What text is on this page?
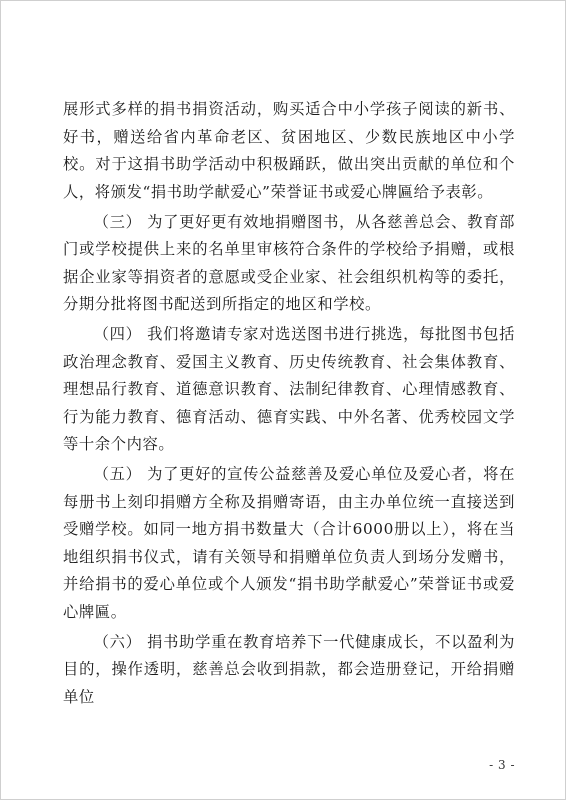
展形式多样的捐书捐资活动，购买适合中小学孩子阅读的新书、好书，赠送给省内革命老区、贫困地区、少数民族地区中小学校。对于这捐书助学活动中积极踊跃，做出突出贡献的单位和个人，将颁发“捐书助学献爱心”荣誉证书或爱心牌匾给予表彰。

（三） 为了更好更有效地捐赠图书，从各慈善总会、教育部门或学校提供上来的名单里审核符合条件的学校给予捐赠，或根据企业家等捐资者的意愿或受企业家、社会组织机构等的委托，分期分批将图书配送到所指定的地区和学校。

（四） 我们将邀请专家对选送图书进行挑选，每批图书包括政治理念教育、爱国主义教育、历史传统教育、社会集体教育、理想品行教育、道德意识教育、法制纪律教育、心理情感教育、行为能力教育、德育活动、德育实践、中外名著、优秀校园文学等十余个内容。

（五） 为了更好的宣传公益慈善及爱心单位及爱心者，将在每册书上刻印捐赠方全称及捐赠寄语，由主办单位统一直接送到受赠学校。如同一地方捐书数量大（合计6000册以上），将在当地组织捐书仪式，请有关领导和捐赠单位负责人到场分发赠书，并给捐书的爱心单位或个人颁发“捐书助学献爱心”荣誉证书或爱心牌匾。

（六） 捐书助学重在教育培养下一代健康成长，不以盈利为目的，操作透明，慈善总会收到捐款，都会造册登记，开给捐赠单位

- 3 -
